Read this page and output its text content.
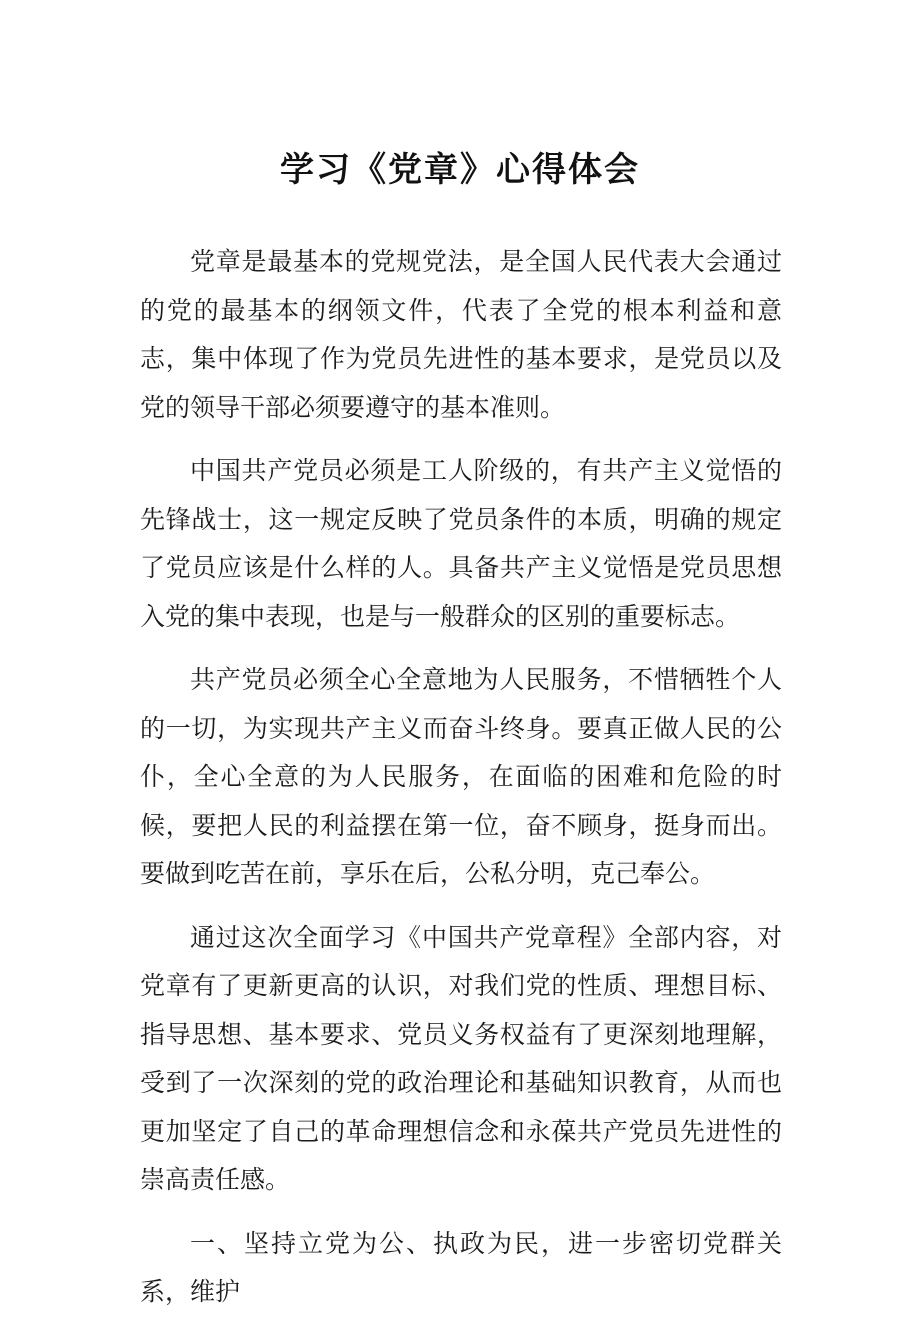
学习《党章》心得体会

党章是最基本的党规党法，是全国人民代表大会通过的党的最基本的纲领文件，代表了全党的根本利益和意志，集中体现了作为党员先进性的基本要求，是党员以及党的领导干部必须要遵守的基本准则。

中国共产党员必须是工人阶级的，有共产主义觉悟的先锋战士，这一规定反映了党员条件的本质，明确的规定了党员应该是什么样的人。具备共产主义觉悟是党员思想入党的集中表现，也是与一般群众的区别的重要标志。

共产党员必须全心全意地为人民服务，不惜牺牲个人的一切，为实现共产主义而奋斗终身。要真正做人民的公仆，全心全意的为人民服务，在面临的困难和危险的时候，要把人民的利益摆在第一位，奋不顾身，挺身而出。要做到吃苦在前，享乐在后，公私分明，克己奉公。

通过这次全面学习《中国共产党章程》全部内容，对党章有了更新更高的认识，对我们党的性质、理想目标、指导思想、基本要求、党员义务权益有了更深刻地理解，受到了一次深刻的党的政治理论和基础知识教育，从而也更加坚定了自己的革命理想信念和永葆共产党员先进性的崇高责任感。

一、坚持立党为公、执政为民，进一步密切党群关系，维护
